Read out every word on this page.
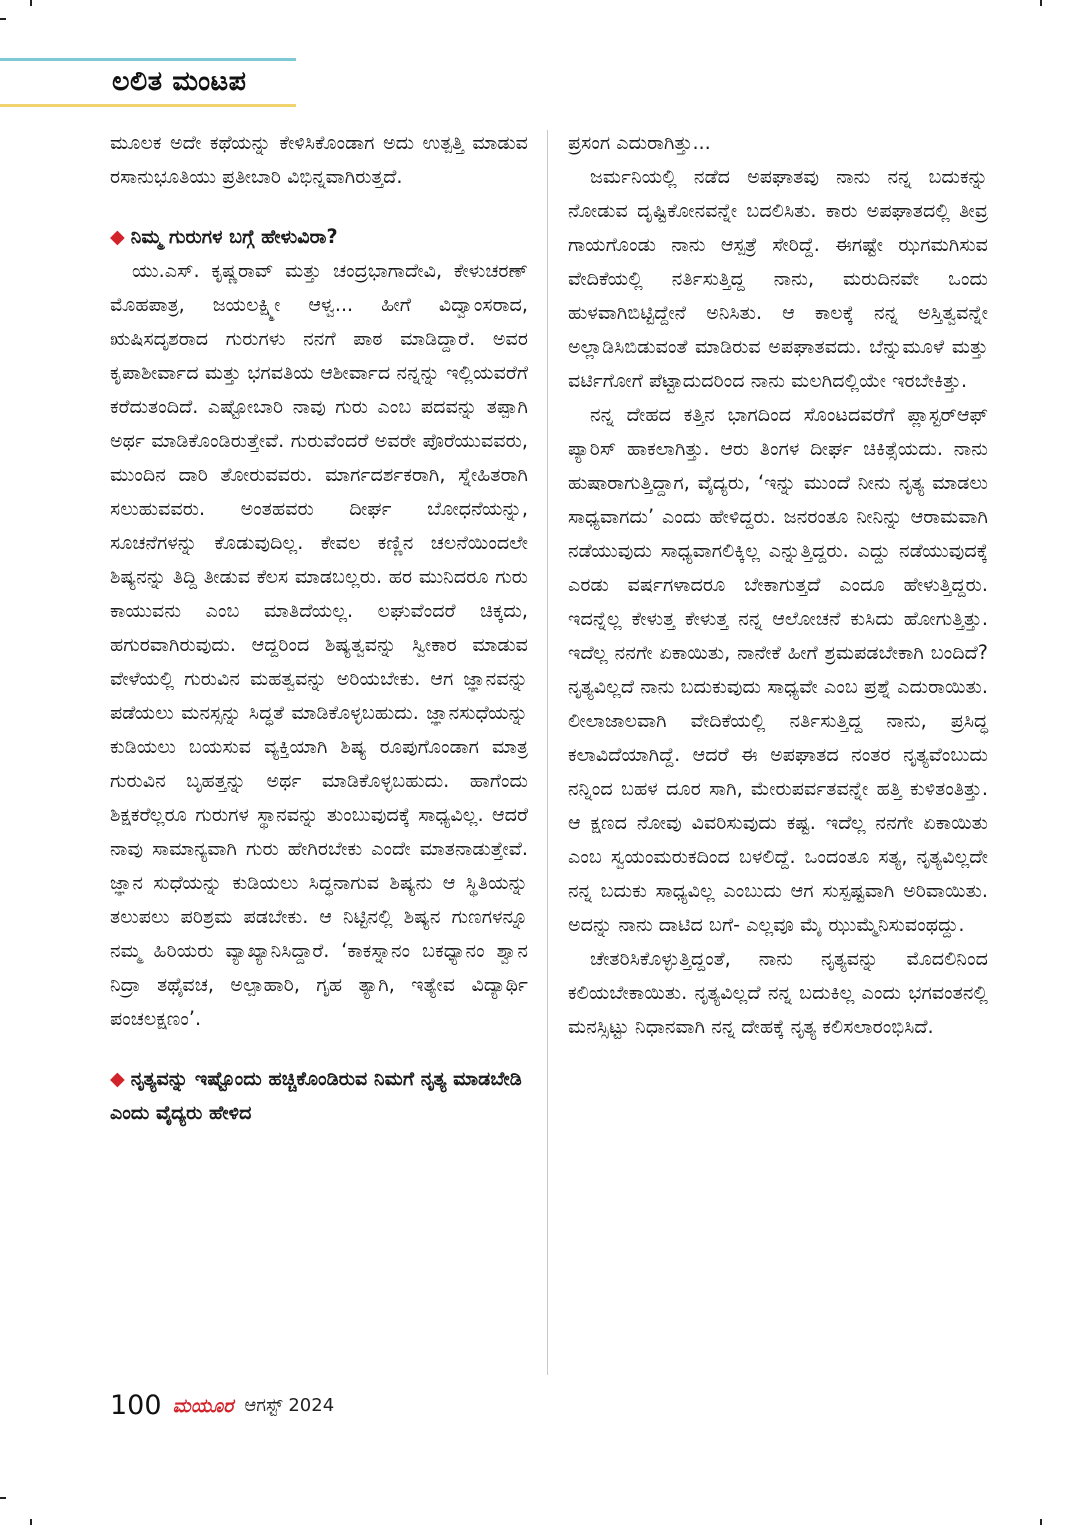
ಲಲಿತ ಮಂಟಪ

ಮೂಲಕ ಅದೇ ಕಥೆಯನ್ನು ಕೇಳಿಸಿಕೊಂಡಾಗ ಅದು ಉತ್ಪತ್ತಿ ಮಾಡುವ ರಸಾನುಭೂತಿಯು ಪ್ರತೀಬಾರಿ ವಿಭಿನ್ನವಾಗಿರುತ್ತದೆ.

◆ ನಿಮ್ಮ ಗುರುಗಳ ಬಗ್ಗೆ ಹೇಳುವಿರಾ?

ಯು.ಎಸ್. ಕೃಷ್ಣರಾವ್ ಮತ್ತು ಚಂದ್ರಭಾಗಾದೇವಿ, ಕೇಳುಚರಣ್ ಮೊಹಪಾತ್ರ, ಜಯಲಕ್ಷ್ಮೀ ಆಳ್ವ... ಹೀಗೆ ವಿದ್ವಾಂಸರಾದ, ಋಷಿಸದೃಶರಾದ ಗುರುಗಳು ನನಗೆ ಪಾಠ ಮಾಡಿದ್ದಾರೆ. ಅವರ ಕೃಪಾಶೀರ್ವಾದ ಮತ್ತು ಭಗವತಿಯ ಆಶೀರ್ವಾದ ನನ್ನನ್ನು ಇಲ್ಲಿಯವರೆಗೆ ಕರೆದುತಂದಿದೆ. ಎಷ್ಟೋಬಾರಿ ನಾವು ಗುರು ಎಂಬ ಪದವನ್ನು ತಪ್ಪಾಗಿ ಅರ್ಥ ಮಾಡಿಕೊಂಡಿರುತ್ತೇವೆ. ಗುರುವೆಂದರೆ ಅವರೇ ಪೊರೆಯುವವರು, ಮುಂದಿನ ದಾರಿ ತೋರುವವರು. ಮಾರ್ಗದರ್ಶಕರಾಗಿ, ಸ್ನೇಹಿತರಾಗಿ ಸಲುಹುವವರು. ಅಂತಹವರು ದೀರ್ಘ ಬೋಧನೆಯನ್ನು, ಸೂಚನೆಗಳನ್ನು ಕೊಡುವುದಿಲ್ಲ. ಕೇವಲ ಕಣ್ಣಿನ ಚಲನೆಯಿಂದಲೇ ಶಿಷ್ಯನನ್ನು ತಿದ್ದಿ ತೀಡುವ ಕೆಲಸ ಮಾಡಬಲ್ಲರು. ಹರ ಮುನಿದರೂ ಗುರು ಕಾಯುವನು ಎಂಬ ಮಾತಿದೆಯಲ್ಲ. ಲಘುವೆಂದರೆ ಚಿಕ್ಕದು, ಹಗುರವಾಗಿರುವುದು. ಆದ್ದರಿಂದ ಶಿಷ್ಯತ್ವವನ್ನು ಸ್ವೀಕಾರ ಮಾಡುವ ವೇಳೆಯಲ್ಲಿ ಗುರುವಿನ ಮಹತ್ವವನ್ನು ಅರಿಯಬೇಕು. ಆಗ ಜ್ಞಾನವನ್ನು ಪಡೆಯಲು ಮನಸ್ಸನ್ನು ಸಿದ್ಧತೆ ಮಾಡಿಕೊಳ್ಳಬಹುದು. ಜ್ಞಾನಸುಧೆಯನ್ನು ಕುಡಿಯಲು ಬಯಸುವ ವ್ಯಕ್ತಿಯಾಗಿ ಶಿಷ್ಯ ರೂಪುಗೊಂಡಾಗ ಮಾತ್ರ ಗುರುವಿನ ಬೃಹತ್ತನ್ನು ಅರ್ಥ ಮಾಡಿಕೊಳ್ಳಬಹುದು. ಹಾಗೆಂದು ಶಿಕ್ಷಕರೆಲ್ಲರೂ ಗುರುಗಳ ಸ್ಥಾನವನ್ನು ತುಂಬುವುದಕ್ಕೆ ಸಾಧ್ಯವಿಲ್ಲ. ಆದರೆ ನಾವು ಸಾಮಾನ್ಯವಾಗಿ ಗುರು ಹೇಗಿರಬೇಕು ಎಂದೇ ಮಾತನಾಡುತ್ತೇವೆ. ಜ್ಞಾನ ಸುಧೆಯನ್ನು ಕುಡಿಯಲು ಸಿದ್ಧನಾಗುವ ಶಿಷ್ಯನು ಆ ಸ್ಥಿತಿಯನ್ನು ತಲುಪಲು ಪರಿಶ್ರಮ ಪಡಬೇಕು. ಆ ನಿಟ್ಟಿನಲ್ಲಿ ಶಿಷ್ಯನ ಗುಣಗಳನ್ನೂ ನಮ್ಮ ಹಿರಿಯರು ವ್ಯಾಖ್ಯಾನಿಸಿದ್ದಾರೆ. ‘ಕಾಕಸ್ನಾನಂ ಬಕಧ್ಯಾನಂ ಶ್ವಾನ ನಿದ್ರಾ ತಥೈವಚ, ಅಲ್ಪಾಹಾರಿ, ಗೃಹ ತ್ಯಾಗಿ, ಇತ್ಯೇವ ವಿದ್ಯಾರ್ಥಿ ಪಂಚಲಕ್ಷಣಂ’.

◆ ನೃತ್ಯವನ್ನು ಇಷ್ಟೊಂದು ಹಚ್ಚಿಕೊಂಡಿರುವ ನಿಮಗೆ ನೃತ್ಯ ಮಾಡಬೇಡಿ ಎಂದು ವೈದ್ಯರು ಹೇಳಿದ

ಪ್ರಸಂಗ ಎದುರಾಗಿತ್ತು...

ಜರ್ಮನಿಯಲ್ಲಿ ನಡೆದ ಅಪಘಾತವು ನಾನು ನನ್ನ ಬದುಕನ್ನು ನೋಡುವ ದೃಷ್ಟಿಕೋನವನ್ನೇ ಬದಲಿಸಿತು. ಕಾರು ಅಪಘಾತದಲ್ಲಿ ತೀವ್ರ ಗಾಯಗೊಂಡು ನಾನು ಆಸ್ಪತ್ರೆ ಸೇರಿದ್ದೆ. ಈಗಷ್ಟೇ ಝಗಮಗಿಸುವ ವೇದಿಕೆಯಲ್ಲಿ ನರ್ತಿಸುತ್ತಿದ್ದ ನಾನು, ಮರುದಿನವೇ ಒಂದು ಹುಳವಾಗಿಬಿಟ್ಟಿದ್ದೇನೆ ಅನಿಸಿತು. ಆ ಕಾಲಕ್ಕೆ ನನ್ನ ಅಸ್ತಿತ್ವವನ್ನೇ ಅಲ್ಲಾಡಿಸಿಬಿಡುವಂತೆ ಮಾಡಿರುವ ಅಪಘಾತವದು. ಬೆನ್ನುಮೂಳೆ ಮತ್ತು ವರ್ಟಿಗೋಗೆ ಪೆಟ್ಟಾದುದರಿಂದ ನಾನು ಮಲಗಿದಲ್ಲಿಯೇ ಇರಬೇಕಿತ್ತು.

ನನ್ನ ದೇಹದ ಕತ್ತಿನ ಭಾಗದಿಂದ ಸೊಂಟದವರೆಗೆ ಪ್ಲಾಸ್ಟರ್‌ಆಫ್ ಪ್ಯಾರಿಸ್ ಹಾಕಲಾಗಿತ್ತು. ಆರು ತಿಂಗಳ ದೀರ್ಘ ಚಿಕಿತ್ಸೆಯದು. ನಾನು ಹುಷಾರಾಗುತ್ತಿದ್ದಾಗ, ವೈದ್ಯರು, ‘ಇನ್ನು ಮುಂದೆ ನೀನು ನೃತ್ಯ ಮಾಡಲು ಸಾಧ್ಯವಾಗದು’ ಎಂದು ಹೇಳಿದ್ದರು. ಜನರಂತೂ ನೀನಿನ್ನು ಆರಾಮವಾಗಿ ನಡೆಯುವುದು ಸಾಧ್ಯವಾಗಲಿಕ್ಕಿಲ್ಲ ಎನ್ನುತ್ತಿದ್ದರು. ಎದ್ದು ನಡೆಯುವುದಕ್ಕೆ ಎರಡು ವರ್ಷಗಳಾದರೂ ಬೇಕಾಗುತ್ತದೆ ಎಂದೂ ಹೇಳುತ್ತಿದ್ದರು. ಇದನ್ನೆಲ್ಲ ಕೇಳುತ್ತ ಕೇಳುತ್ತ ನನ್ನ ಆಲೋಚನೆ ಕುಸಿದು ಹೋಗುತ್ತಿತ್ತು. ಇದೆಲ್ಲ ನನಗೇ ಏಕಾಯಿತು, ನಾನೇಕೆ ಹೀಗೆ ಶ್ರಮಪಡಬೇಕಾಗಿ ಬಂದಿದೆ? ನೃತ್ಯವಿಲ್ಲದೆ ನಾನು ಬದುಕುವುದು ಸಾಧ್ಯವೇ ಎಂಬ ಪ್ರಶ್ನೆ ಎದುರಾಯಿತು. ಲೀಲಾಜಾಲವಾಗಿ ವೇದಿಕೆಯಲ್ಲಿ ನರ್ತಿಸುತ್ತಿದ್ದ ನಾನು, ಪ್ರಸಿದ್ಧ ಕಲಾವಿದೆಯಾಗಿದ್ದೆ. ಆದರೆ ಈ ಅಪಘಾತದ ನಂತರ ನೃತ್ಯವೆಂಬುದು ನನ್ನಿಂದ ಬಹಳ ದೂರ ಸಾಗಿ, ಮೇರುಪರ್ವತವನ್ನೇ ಹತ್ತಿ ಕುಳಿತಂತಿತ್ತು. ಆ ಕ್ಷಣದ ನೋವು ವಿವರಿಸುವುದು ಕಷ್ಟ. ಇದೆಲ್ಲ ನನಗೇ ಏಕಾಯಿತು ಎಂಬ ಸ್ವಯಂಮರುಕದಿಂದ ಬಳಲಿದ್ದೆ. ಒಂದಂತೂ ಸತ್ಯ, ನೃತ್ಯವಿಲ್ಲದೇ ನನ್ನ ಬದುಕು ಸಾಧ್ಯವಿಲ್ಲ ಎಂಬುದು ಆಗ ಸುಸ್ಪಷ್ಟವಾಗಿ ಅರಿವಾಯಿತು. ಅದನ್ನು ನಾನು ದಾಟಿದ ಬಗೆ- ಎಲ್ಲವೂ ಮೈ ಝುಮ್ಮೆನಿಸುವಂಥದ್ದು.

ಚೇತರಿಸಿಕೊಳ್ಳುತ್ತಿದ್ದಂತೆ, ನಾನು ನೃತ್ಯವನ್ನು ಮೊದಲಿನಿಂದ ಕಲಿಯಬೇಕಾಯಿತು. ನೃತ್ಯವಿಲ್ಲದೆ ನನ್ನ ಬದುಕಿಲ್ಲ ಎಂದು ಭಗವಂತನಲ್ಲಿ ಮನಸ್ಸಿಟ್ಟು ನಿಧಾನವಾಗಿ ನನ್ನ ದೇಹಕ್ಕೆ ನೃತ್ಯ ಕಲಿಸಲಾರಂಭಿಸಿದೆ.

100 ಮಯೂರ ಆಗಸ್ಟ್ 2024
